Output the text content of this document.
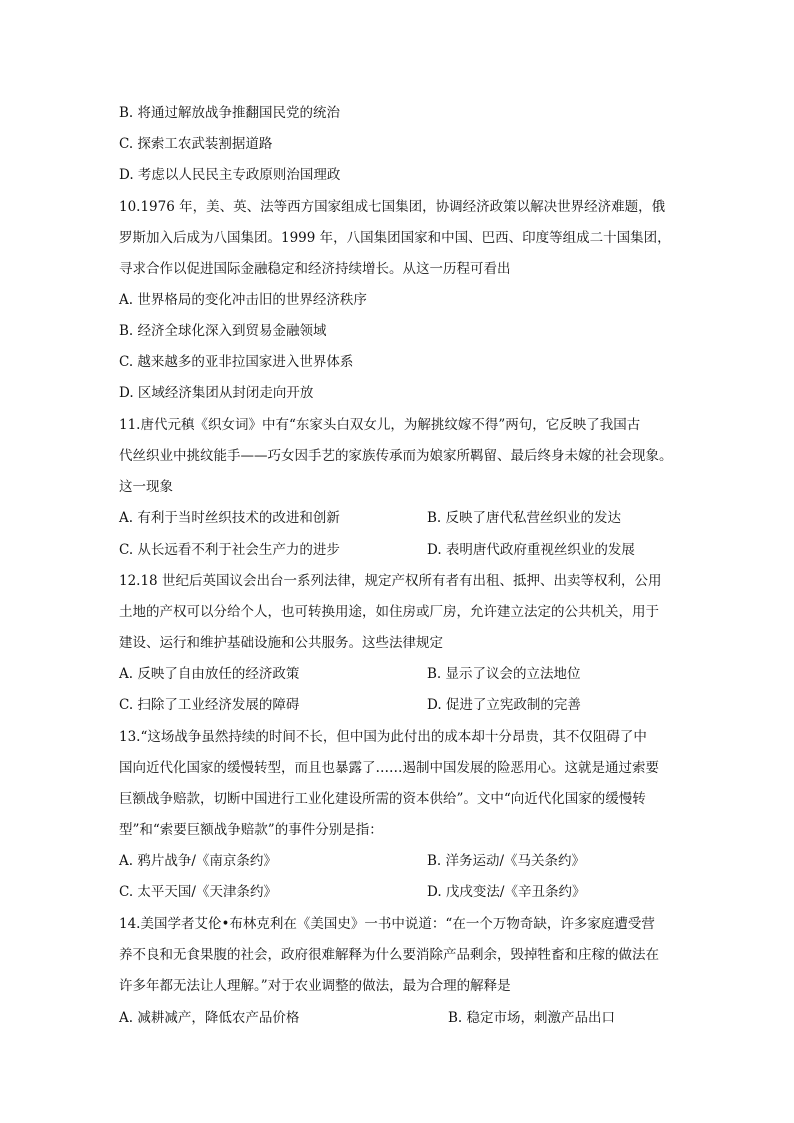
B. 将通过解放战争推翻国民党的统治
C. 探索工农武装割据道路
D. 考虑以人民民主专政原则治国理政
10.1976 年，美、英、法等西方国家组成七国集团，协调经济政策以解决世界经济难题，俄
罗斯加入后成为八国集团。1999 年，八国集团国家和中国、巴西、印度等组成二十国集团，
寻求合作以促进国际金融稳定和经济持续增长。从这一历程可看出
A. 世界格局的变化冲击旧的世界经济秩序
B. 经济全球化深入到贸易金融领域
C. 越来越多的亚非拉国家进入世界体系
D. 区域经济集团从封闭走向开放
11.唐代元稹《织女词》中有“东家头白双女儿，为解挑纹嫁不得”两句，它反映了我国古
代丝织业中挑纹能手——巧女因手艺的家族传承而为娘家所羁留、最后终身未嫁的社会现象。
这一现象
A. 有利于当时丝织技术的改进和创新	B. 反映了唐代私营丝织业的发达
C. 从长远看不利于社会生产力的进步	D. 表明唐代政府重视丝织业的发展
12.18 世纪后英国议会出台一系列法律，规定产权所有者有出租、抵押、出卖等权利，公用
土地的产权可以分给个人，也可转换用途，如住房或厂房，允许建立法定的公共机关，用于
建设、运行和维护基础设施和公共服务。这些法律规定
A. 反映了自由放任的经济政策	B. 显示了议会的立法地位
C. 扫除了工业经济发展的障碍	D. 促进了立宪政制的完善
13.“这场战争虽然持续的时间不长，但中国为此付出的成本却十分昂贵，其不仅阻碍了中
国向近代化国家的缓慢转型，而且也暴露了……遏制中国发展的险恶用心。这就是通过索要
巨额战争赔款，切断中国进行工业化建设所需的资本供给”。文中“向近代化国家的缓慢转
型”和“索要巨额战争赔款”的事件分别是指：
A. 鸦片战争/《南京条约》	B. 洋务运动/《马关条约》
C. 太平天国/《天津条约》	D. 戊戌变法/《辛丑条约》
14.美国学者艾伦•布林克利在《美国史》一书中说道：“在一个万物奇缺，许多家庭遭受营
养不良和无食果腹的社会，政府很难解释为什么要消除产品剩余，毁掉牲畜和庄稼的做法在
许多年都无法让人理解。”对于农业调整的做法，最为合理的解释是
A. 减耕减产，降低农产品价格	B. 稳定市场，刺激产品出口
